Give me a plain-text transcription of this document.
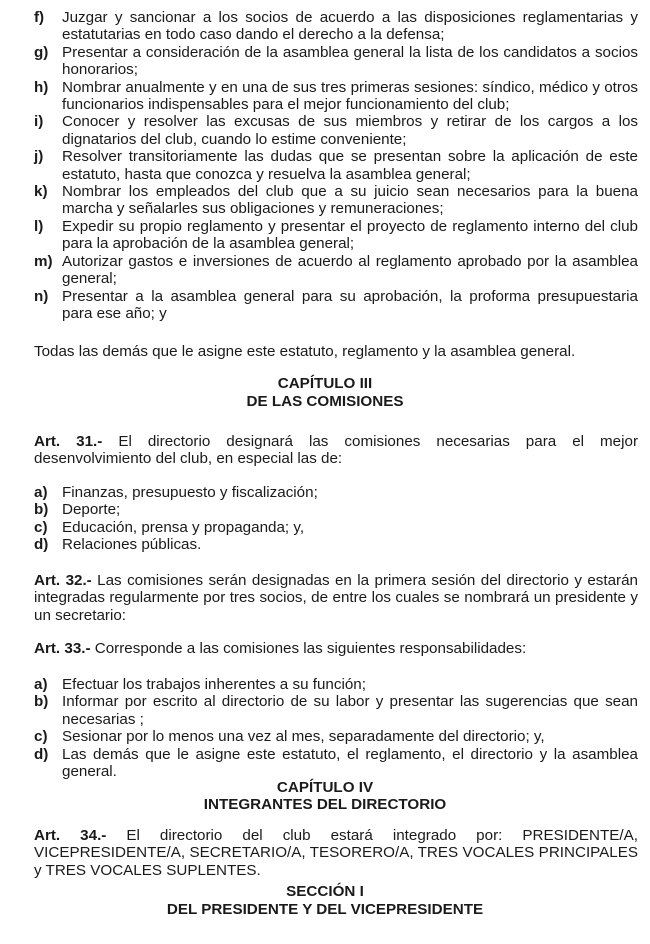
f) Juzgar y sancionar a los socios de acuerdo a las disposiciones reglamentarias y estatutarias en todo caso dando el derecho a la defensa;
g) Presentar a consideración de la asamblea general la lista de los candidatos a socios honorarios;
h) Nombrar anualmente y en una de sus tres primeras sesiones: síndico, médico y otros funcionarios indispensables para el mejor funcionamiento del club;
i) Conocer y resolver las excusas de sus miembros y retirar de los cargos a los dignatarios del club, cuando lo estime conveniente;
j) Resolver transitoriamente las dudas que se presentan sobre la aplicación de este estatuto, hasta que conozca y resuelva la asamblea general;
k) Nombrar los empleados del club que a su juicio sean necesarios para la buena marcha y señalarles sus obligaciones y remuneraciones;
l) Expedir su propio reglamento y presentar el proyecto de reglamento interno del club para la aprobación de la asamblea general;
m) Autorizar gastos e inversiones de acuerdo al reglamento aprobado por la asamblea general;
n) Presentar a la asamblea general para su aprobación, la proforma presupuestaria para ese año; y

Todas las demás que le asigne este estatuto, reglamento y la asamblea general.

CAPÍTULO III
DE LAS COMISIONES

Art. 31.- El directorio designará las comisiones necesarias para el mejor desenvolvimiento del club, en especial las de:

a) Finanzas, presupuesto y fiscalización;
b) Deporte;
c) Educación, prensa y propaganda; y,
d) Relaciones públicas.

Art. 32.- Las comisiones serán designadas en la primera sesión del directorio y estarán integradas regularmente por tres socios, de entre los cuales se nombrará un presidente y un secretario:

Art. 33.- Corresponde a las comisiones las siguientes responsabilidades:

a) Efectuar los trabajos inherentes a su función;
b) Informar por escrito al directorio de su labor y presentar las sugerencias que sean necesarias ;
c) Sesionar por lo menos una vez al mes, separadamente del directorio; y,
d) Las demás que le asigne este estatuto, el reglamento, el directorio y la asamblea general.
CAPÍTULO IV
INTEGRANTES DEL DIRECTORIO

Art. 34.- El directorio del club estará integrado por: PRESIDENTE/A, VICEPRESIDENTE/A, SECRETARIO/A, TESORERO/A, TRES VOCALES PRINCIPALES y TRES VOCALES SUPLENTES.

SECCIÓN I
DEL PRESIDENTE Y DEL VICEPRESIDENTE
